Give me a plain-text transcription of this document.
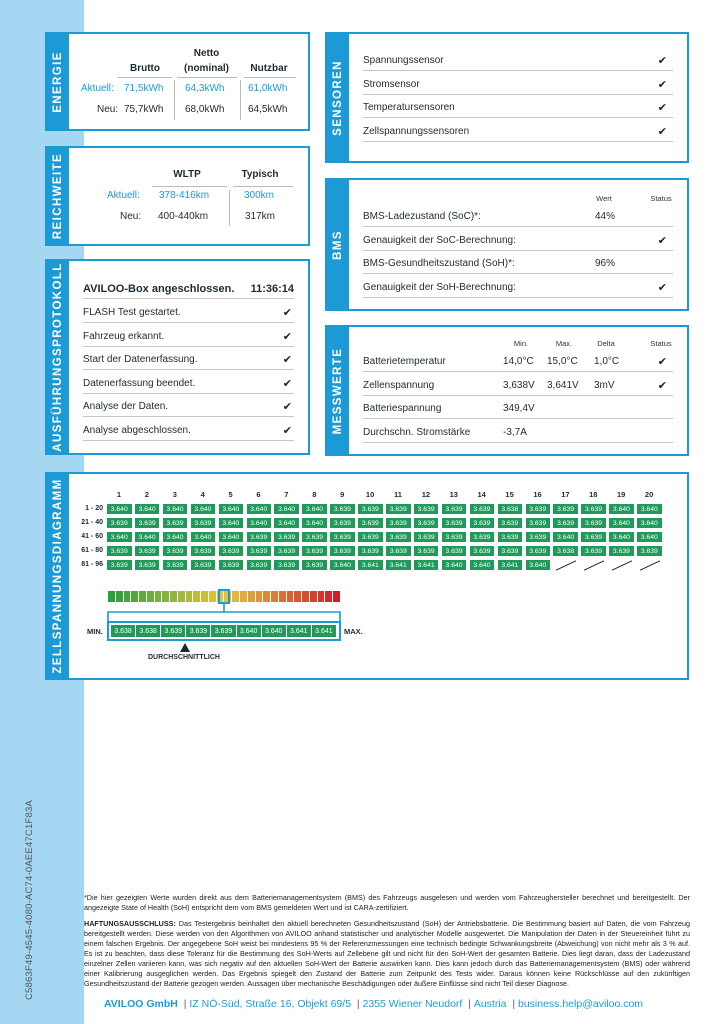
C5863F49-4545-4080-AC74-0AEE47C1F83A
ENERGIE	Brutto
Netto
(nominal)	Nutzbar
Aktuell: 71,5kWh 64,3kWh 61,0kWh
Neu: 75,7kWh 68,0kWh 64,5kWh
REICHWEITE	WLTP	Typisch
Aktuell: 378-416km	300km
Neu: 400-440km	317km
AUSFÜHRUNGSPROTOKOLL AVILOO-Box angeschlossen. 11:36:14
FLASH Test gestartet.	✔
Fahrzeug erkannt.	✔
Start der Datenerfassung.	✔
Datenerfassung beendet.	✔
Analyse der Daten.	✔
Analyse abgeschlossen.	✔
SENSOREN Spannungssensor	✔
Stromsensor	✔
Temperatursensoren	✔
Zellspannungssensoren	✔
BMS
Wert	Status
BMS-Ladezustand (SoC)*:	44%
Genauigkeit der SoC-Berechnung:	✔
BMS-Gesundheitszustand (SoH)*:	96%
Genauigkeit der SoH-Berechnung:	✔
MESSWERTE
Min.	Max.	Delta	Status
Batterietemperatur	14,0°C 15,0°C 1,0°C	✔
Zellenspannung	3,638V 3,641V 3mV	✔
Batteriespannung	349,4V
Durchschn. Stromstärke	-3,7A
ZELLSPANNUNGSDIAGRAMM	1	2	3	4	5	6	7	8	9	10	11	12	13	14	15	16	17	18	19	20
1 - 20	3.640	3.640	3.640	3.640	3.640	3.640	3.640	3.640	3.639	3.639	3.639	3.639	3.639	3.639	3.638	3.639	3.639	3.639	3.640	3.640
21 - 40	3.639	3.639	3.639	3.639	3.640	3.640	3.640	3.640	3.639	3.639	3.639	3.639	3.639	3.639	3.639	3.639	3.639	3.639	3.640	3.640
41 - 60	3.640	3.640	3.640	3.640	3.640	3.639	3.639	3.639	3.639	3.639	3.639	3.639	3.639	3.639	3.639	3.639	3.640	3.639	3.640	3.640
61 - 80	3.639	3.639	3.639	3.639	3.639	3.639	3.639	3.639	3.639	3.639	3.639	3.639	3.639	3.639	3.639	3.639	3.638	3.639	3.639	3.639
81 - 96	3.639	3.639	3.639	3.639	3.639	3.639	3.639	3.639	3.640	3.641	3.641	3.641	3.640	3.640	3.641	3.640
MIN.	3.638	3.638	3.639	3.639	3.639	3.640	3.640	3.641	3.641	MAX.
DURCHSCHNITTLICH

*Die hier gezeigten Werte wurden direkt aus dem Batteriemanagementsystem (BMS) des Fahrzeugs ausgelesen und werden vom Fahrzeughersteller berechnet und bereitgestellt. Der angezeigte State of Health (SoH) entspricht dem vom BMS gemeldeten Wert und ist CARA-zertifiziert.

HAFTUNGSAUSSCHLUSS: Das Testergebnis beinhaltet den aktuell berechneten Gesundheitszustand (SoH) der Antriebsbatterie. Die Bestimmung basiert auf Daten, die vom Fahrzeug bereitgestellt werden. Diese werden von den Algorithmen von AVILOO anhand statistischer und analytischer Modelle ausgewertet. Die Manipulation der Daten in der Steuereinheit führt zu einem falschen Ergebnis. Der angegebene SoH weist bei mindestens 95 % der Referenzmessungen eine technisch bedingte Schwankungsbreite (Abweichung) von nicht mehr als 3 % auf. Es ist zu beachten, dass diese Toleranz für die Bestimmung des SoH-Werts auf Zellebene gilt und nicht für den SoH-Wert der gesamten Batterie. Dies liegt daran, dass der Ladezustand einzelner Zellen variieren kann, was sich negativ auf den aktuellen SoH-Wert der Batterie auswirken kann. Dies kann jedoch durch das Batteriemanagementsystem (BMS) oder während einer Kalibrierung ausgeglichen werden. Das Ergebnis spiegelt den Zustand der Batterie zum Zeitpunkt des Tests wider. Daraus können keine Rückschlüsse auf den zukünftigen Gesundheitszustand der Batterie gezogen werden. Aussagen über mechanische Beschädigungen oder äußere Einflüsse sind nicht Teil dieser Diagnose.

AVILOO GmbH  | IZ NÖ-Süd, Straße 16, Objekt 69/5  | 2355 Wiener Neudorf  | Austria  | business.help@aviloo.com
